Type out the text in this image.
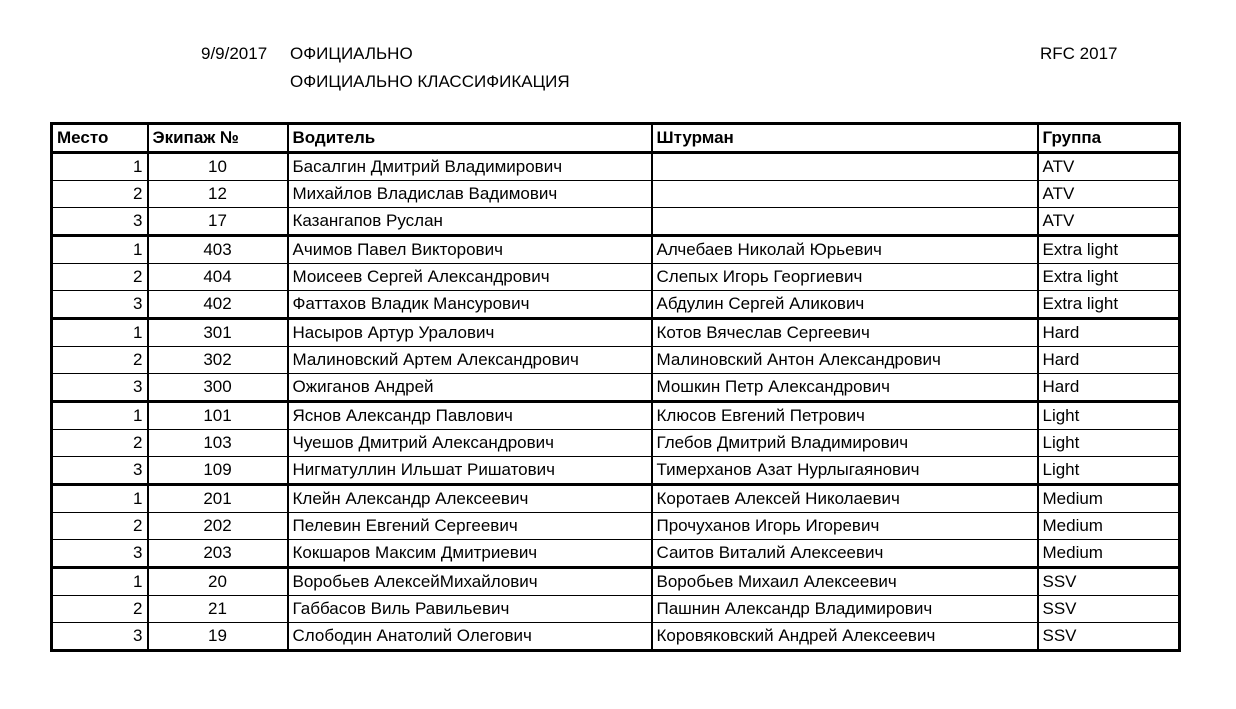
9/9/2017 ОФИЦИАЛЬНО
ОФИЦИАЛЬНО КЛАССИФИКАЦИЯ
RFC 2017
Место	Экипаж №	Водитель	Штурман	Группа
1	10	Басалгин Дмитрий Владимирович		ATV
2	12	Михайлов Владислав Вадимович		ATV
3	17	Казангапов Руслан		ATV
1	403	Ачимов Павел Викторович	Алчебаев Николай Юрьевич	Extra light
2	404	Моисеев Сергей Александрович	Слепых Игорь Георгиевич	Extra light
3	402	Фаттахов Владик Мансурович	Абдулин Сергей Аликович	Extra light
1	301	Насыров Артур Уралович	Котов Вячеслав Сергеевич	Hard
2	302	Малиновский Артем Александрович	Малиновский Антон Александрович	Hard
3	300	Ожиганов Андрей	Мошкин Петр Александрович	Hard
1	101	Яснов Александр Павлович	Клюсов Евгений Петрович	Light
2	103	Чуешов Дмитрий Александрович	Глебов Дмитрий Владимирович	Light
3	109	Нигматуллин Ильшат Ришатович	Тимерханов Азат Нурлыгаянович	Light
1	201	Клейн Александр Алексеевич	Коротаев Алексей Николаевич	Medium
2	202	Пелевин Евгений Сергеевич	Прочуханов Игорь Игоревич	Medium
3	203	Кокшаров Максим Дмитриевич	Саитов Виталий Алексеевич	Medium
1	20	Воробьев АлексейМихайлович	Воробьев Михаил Алексеевич	SSV
2	21	Габбасов Виль Равильевич	Пашнин Александр Владимирович	SSV
3	19	Слободин Анатолий Олегович	Коровяковский Андрей Алексеевич	SSV
